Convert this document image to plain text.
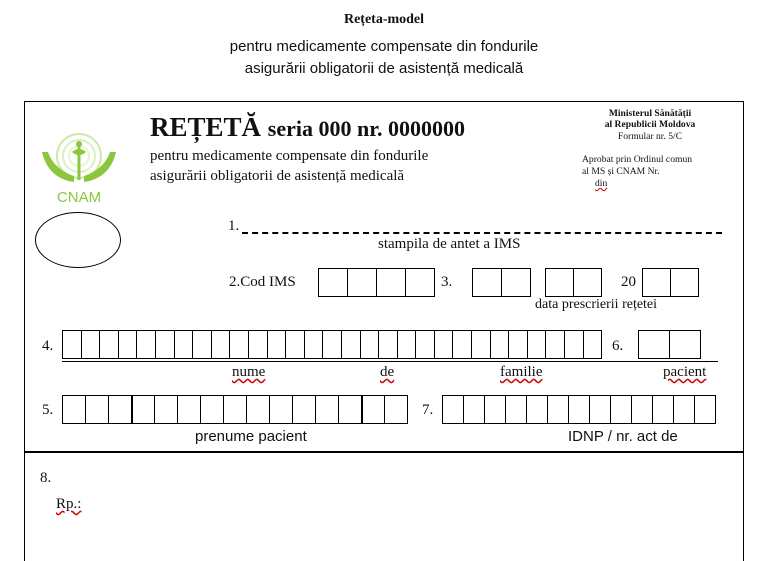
Rețeta-model
pentru medicamente compensate din fondurile
asigurării obligatorii de asistență medicală
CNAM
REȚETĂ seria 000 nr. 0000000
pentru medicamente compensate din fondurile
asigurării obligatorii de asistență medicală
Ministerul Sănătății
al Republicii Moldova
Formular nr. 5/C
Aprobat prin Ordinul comun
al MS și CNAM Nr.
din
1.
stampila de antet a IMS
2.Cod IMS	3.	20
data prescrierii rețetei
4.	6.
nume	de	familie	pacient
5.	7.
prenume pacient	IDNP / nr. act de
8.
Rp.:
